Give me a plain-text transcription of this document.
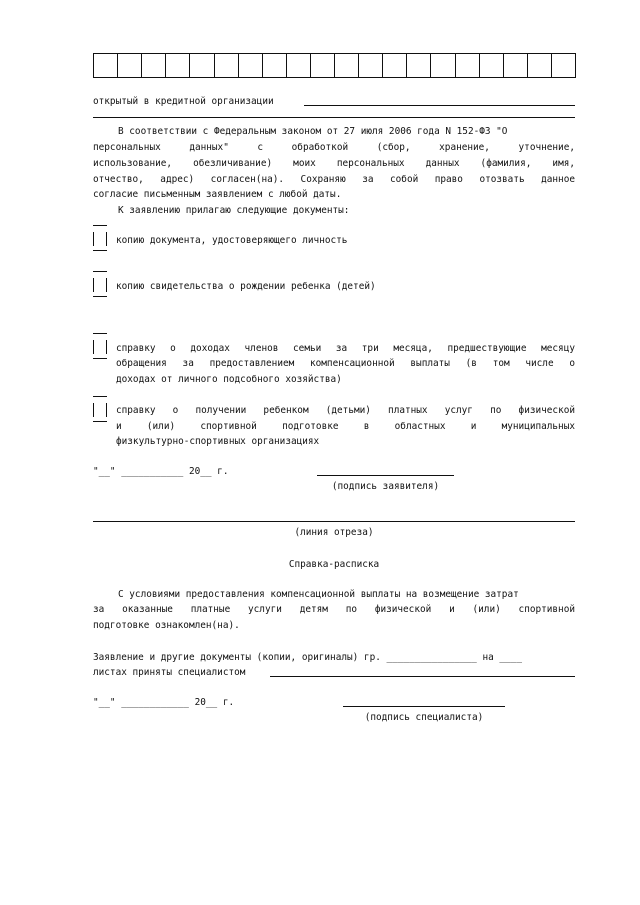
открытый в кредитной организации
В соответствии с Федеральным законом от 27 июля 2006 года N 152-ФЗ "О
персональных данных" с обработкой (сбор, хранение, уточнение,
использование, обезличивание) моих персональных данных (фамилия, имя,
отчество, адрес) согласен(на). Сохраняю за собой право отозвать данное
согласие письменным заявлением с любой даты.
К заявлению прилагаю следующие документы:
копию документа, удостоверяющего личность
копию свидетельства о рождении ребенка (детей)
справку о доходах членов семьи за три месяца, предшествующие месяцу
обращения за предоставлением компенсационной выплаты (в том числе о
доходах от личного подсобного хозяйства)
справку о получении ребенком (детьми) платных услуг по физической
и (или) спортивной подготовке в областных и муниципальных
физкультурно-спортивных организациях
"__" ___________ 20__ г.
(подпись заявителя)
(линия отреза)
Справка-расписка
С условиями предоставления компенсационной выплаты на возмещение затрат
за оказанные платные услуги детям по физической и (или) спортивной
подготовке ознакомлен(на).
Заявление и другие документы (копии, оригиналы) гр. ________________ на ____
листах приняты специалистом
"__" ____________ 20__ г.
(подпись специалиста)
